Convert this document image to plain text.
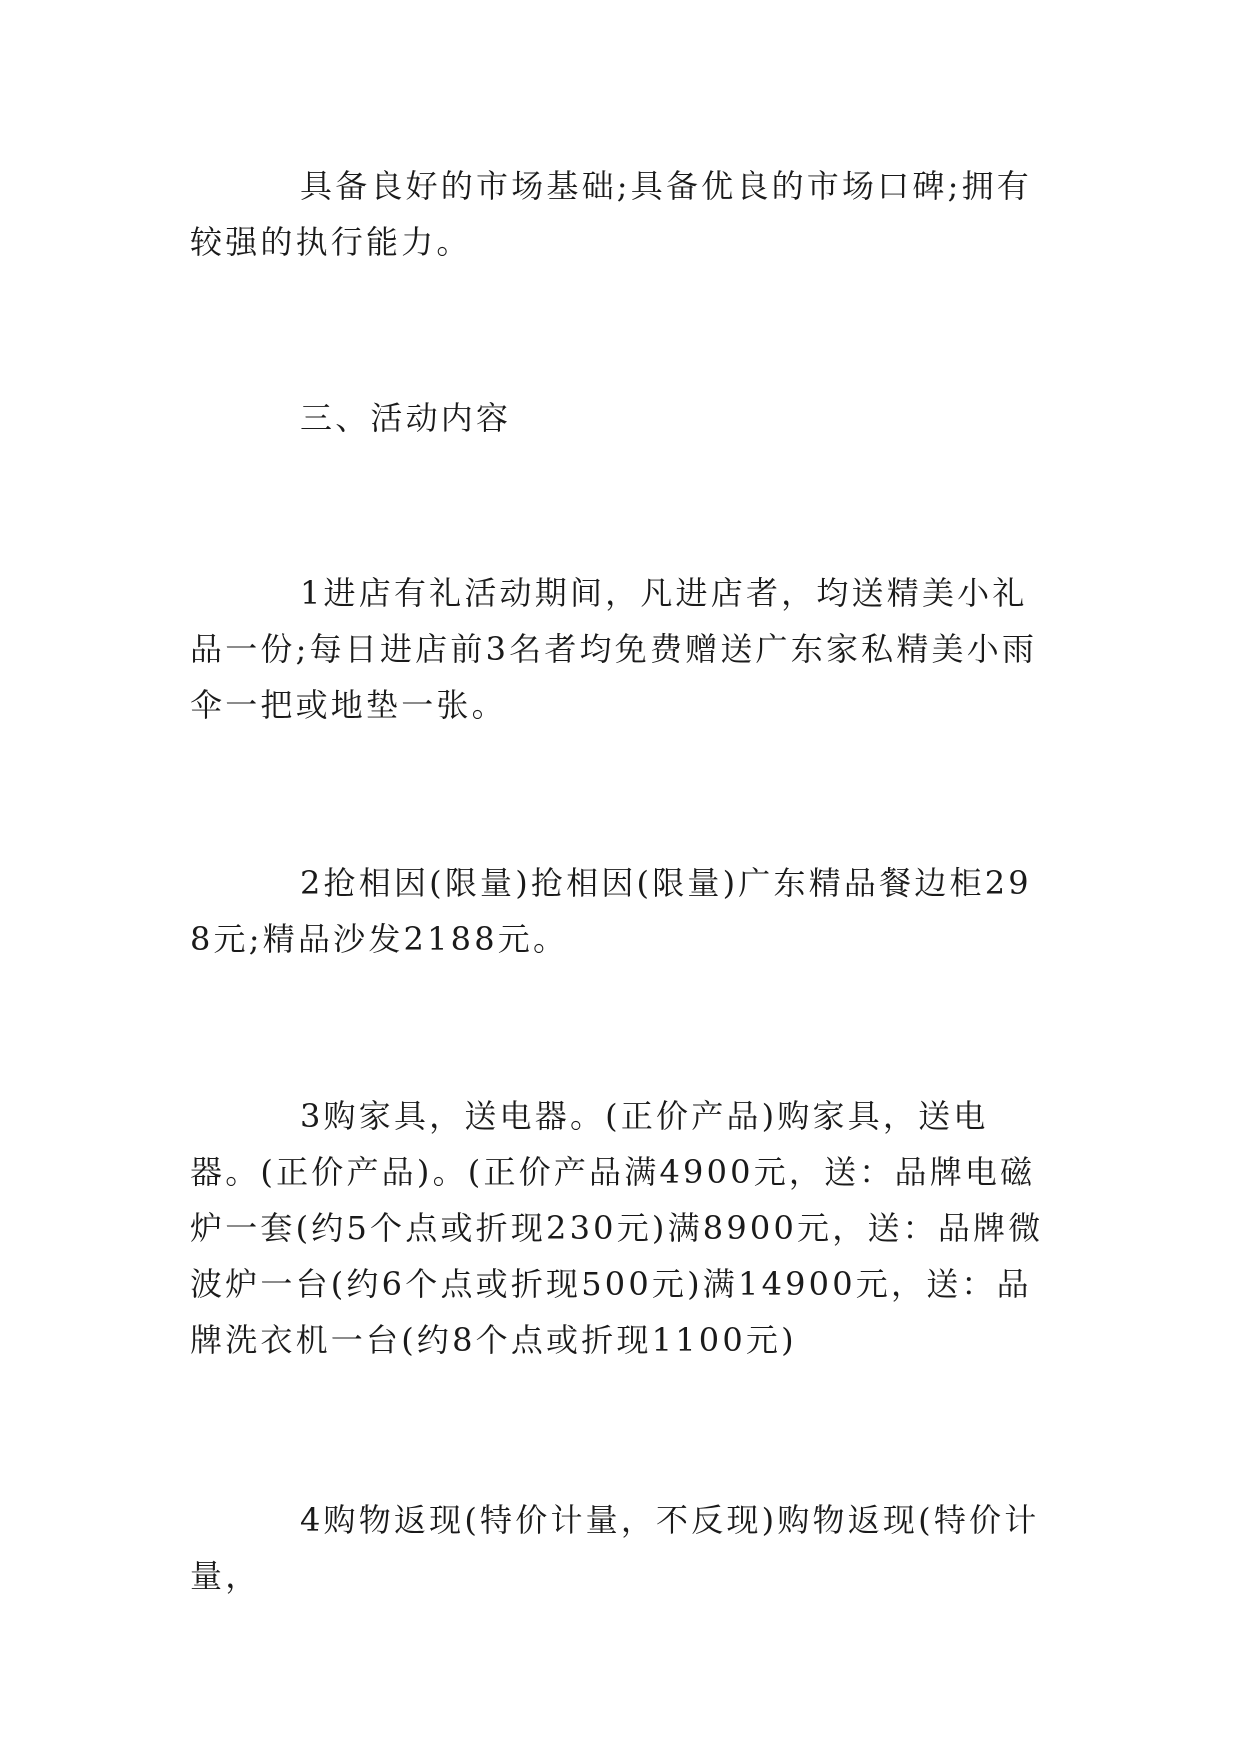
具备良好的市场基础;具备优良的市场口碑;拥有较强的执行能力。

三、活动内容

1进店有礼活动期间，凡进店者，均送精美小礼品一份;每日进店前3名者均免费赠送广东家私精美小雨伞一把或地垫一张。

2抢相因(限量)抢相因(限量)广东精品餐边柜298元;精品沙发2188元。

3购家具，送电器。(正价产品)购家具，送电器。(正价产品)。(正价产品满4900元，送：品牌电磁炉一套(约5个点或折现230元)满8900元，送：品牌微波炉一台(约6个点或折现500元)满14900元，送：品牌洗衣机一台(约8个点或折现1100元)

4购物返现(特价计量，不反现)购物返现(特价计量，
